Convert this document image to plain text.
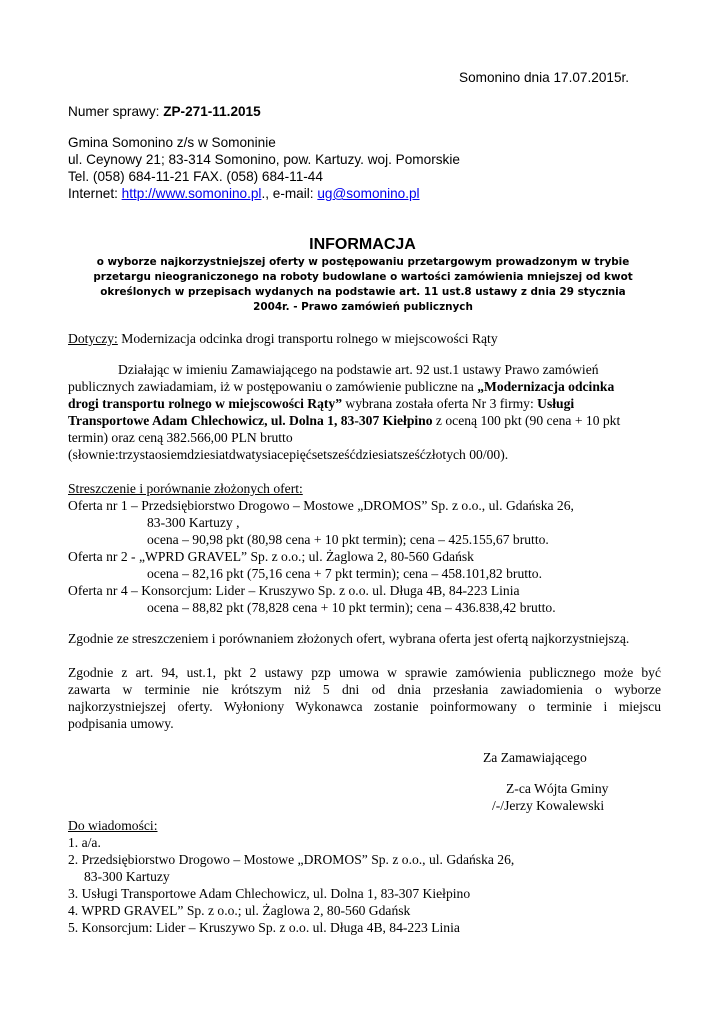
Somonino dnia 17.07.2015r.
Numer sprawy: ZP-271-11.2015
Gmina Somonino z/s w Somoninie
ul. Ceynowy 21; 83-314 Somonino, pow. Kartuzy. woj. Pomorskie
Tel. (058) 684-11-21 FAX. (058) 684-11-44
Internet: http://www.somonino.pl., e-mail: ug@somonino.pl
INFORMACJA
o wyborze najkorzystniejszej oferty w postępowaniu przetargowym prowadzonym w trybie
przetargu nieograniczonego na roboty budowlane o wartości zamówienia mniejszej od kwot
określonych w przepisach wydanych na podstawie art. 11 ust.8 ustawy z dnia 29 stycznia
2004r. - Prawo zamówień publicznych
Dotyczy: Modernizacja odcinka drogi transportu rolnego w miejscowości Rąty
Działając w imieniu Zamawiającego na podstawie art. 92 ust.1 ustawy Prawo zamówień
publicznych zawiadamiam, iż w postępowaniu o zamówienie publiczne na „Modernizacja odcinka
drogi transportu rolnego w miejscowości Rąty” wybrana została oferta Nr 3 firmy: Usługi
Transportowe Adam Chlechowicz, ul. Dolna 1, 83-307 Kiełpino z oceną 100 pkt (90 cena + 10 pkt
termin) oraz ceną 382.566,00 PLN brutto
(słownie:trzystaosiemdziesiatdwatysiacepięćsetsześćdziesiatsześćzłotych 00/00).
Streszczenie i porównanie złożonych ofert:
Oferta nr 1 – Przedsiębiorstwo Drogowo – Mostowe „DROMOS” Sp. z o.o., ul. Gdańska 26,
83-300 Kartuzy ,
ocena – 90,98 pkt (80,98 cena + 10 pkt termin); cena – 425.155,67 brutto.
Oferta nr 2 - „WPRD GRAVEL” Sp. z o.o.; ul. Żaglowa 2, 80-560 Gdańsk
ocena – 82,16 pkt (75,16 cena + 7 pkt termin); cena – 458.101,82 brutto.
Oferta nr 4 – Konsorcjum: Lider – Kruszywo Sp. z o.o. ul. Długa 4B, 84-223 Linia
ocena – 88,82 pkt (78,828 cena + 10 pkt termin); cena – 436.838,42 brutto.
Zgodnie ze streszczeniem i porównaniem złożonych ofert, wybrana oferta jest ofertą najkorzystniejszą.
Zgodnie z art. 94, ust.1, pkt 2 ustawy pzp umowa w sprawie zamówienia publicznego może być
zawarta w terminie nie krótszym niż 5 dni od dnia przesłania zawiadomienia o wyborze
najkorzystniejszej oferty. Wyłoniony Wykonawca zostanie poinformowany o terminie i miejscu
podpisania umowy.
Za Zamawiającego
Z-ca Wójta Gminy
/-/Jerzy Kowalewski
Do wiadomości:
1. a/a.
2. Przedsiębiorstwo Drogowo – Mostowe „DROMOS” Sp. z o.o., ul. Gdańska 26,
83-300 Kartuzy
3. Usługi Transportowe Adam Chlechowicz, ul. Dolna 1, 83-307 Kiełpino
4. WPRD GRAVEL” Sp. z o.o.; ul. Żaglowa 2, 80-560 Gdańsk
5. Konsorcjum: Lider – Kruszywo Sp. z o.o. ul. Długa 4B, 84-223 Linia
